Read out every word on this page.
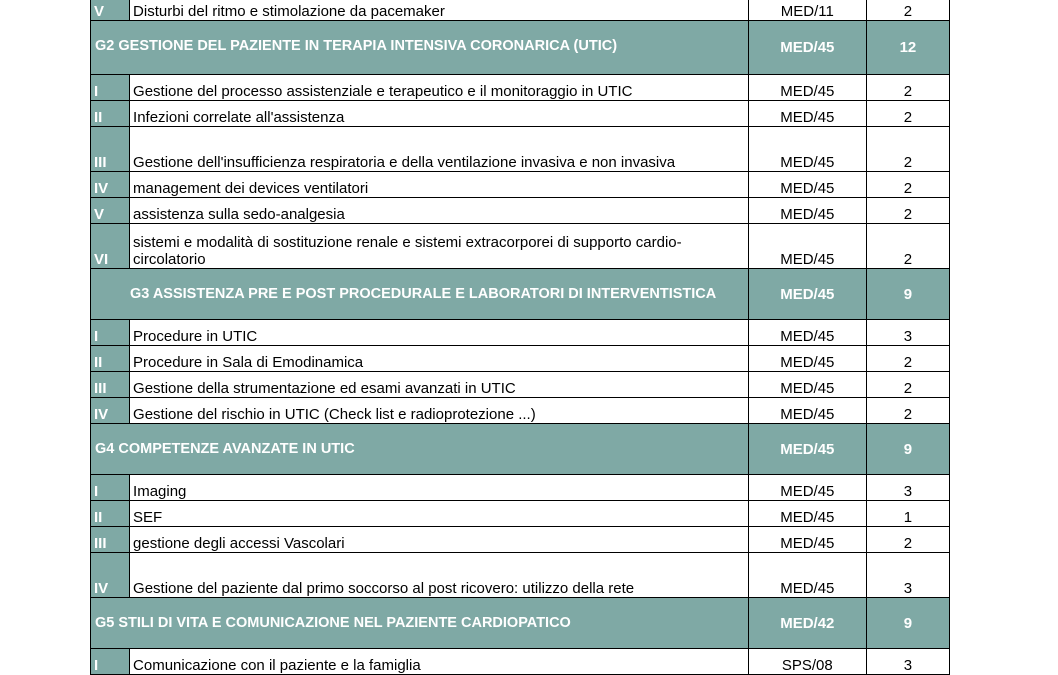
V	Disturbi del ritmo e stimolazione da pacemaker	MED/11	2
G2 GESTIONE DEL PAZIENTE IN TERAPIA INTENSIVA CORONARICA (UTIC)		MED/45	12
I	Gestione del processo assistenziale e terapeutico e il monitoraggio in UTIC	MED/45	2
II	Infezioni correlate all'assistenza	MED/45	2
III	Gestione dell'insufficienza respiratoria e della ventilazione invasiva e non invasiva	MED/45	2
IV	management dei devices ventilatori	MED/45	2
V	assistenza sulla sedo-analgesia	MED/45	2
VI	sistemi e modalità di sostituzione renale e sistemi extracorporei di supporto cardio-circolatorio	MED/45	2
G3 ASSISTENZA PRE E POST PROCEDURALE E LABORATORI DI INTERVENTISTICA		MED/45	9
I	Procedure in UTIC	MED/45	3
II	Procedure in Sala di Emodinamica	MED/45	2
III	Gestione della strumentazione ed esami avanzati in UTIC	MED/45	2
IV	Gestione del rischio in UTIC (Check list e radioprotezione ...)	MED/45	2
G4 COMPETENZE AVANZATE IN UTIC		MED/45	9
I	Imaging	MED/45	3
II	SEF	MED/45	1
III	gestione degli accessi Vascolari	MED/45	2
IV	Gestione del paziente dal primo soccorso al post ricovero: utilizzo della rete	MED/45	3
G5 STILI DI VITA E COMUNICAZIONE NEL PAZIENTE CARDIOPATICO		MED/42	9
I	Comunicazione con il paziente e la famiglia	SPS/08	3
